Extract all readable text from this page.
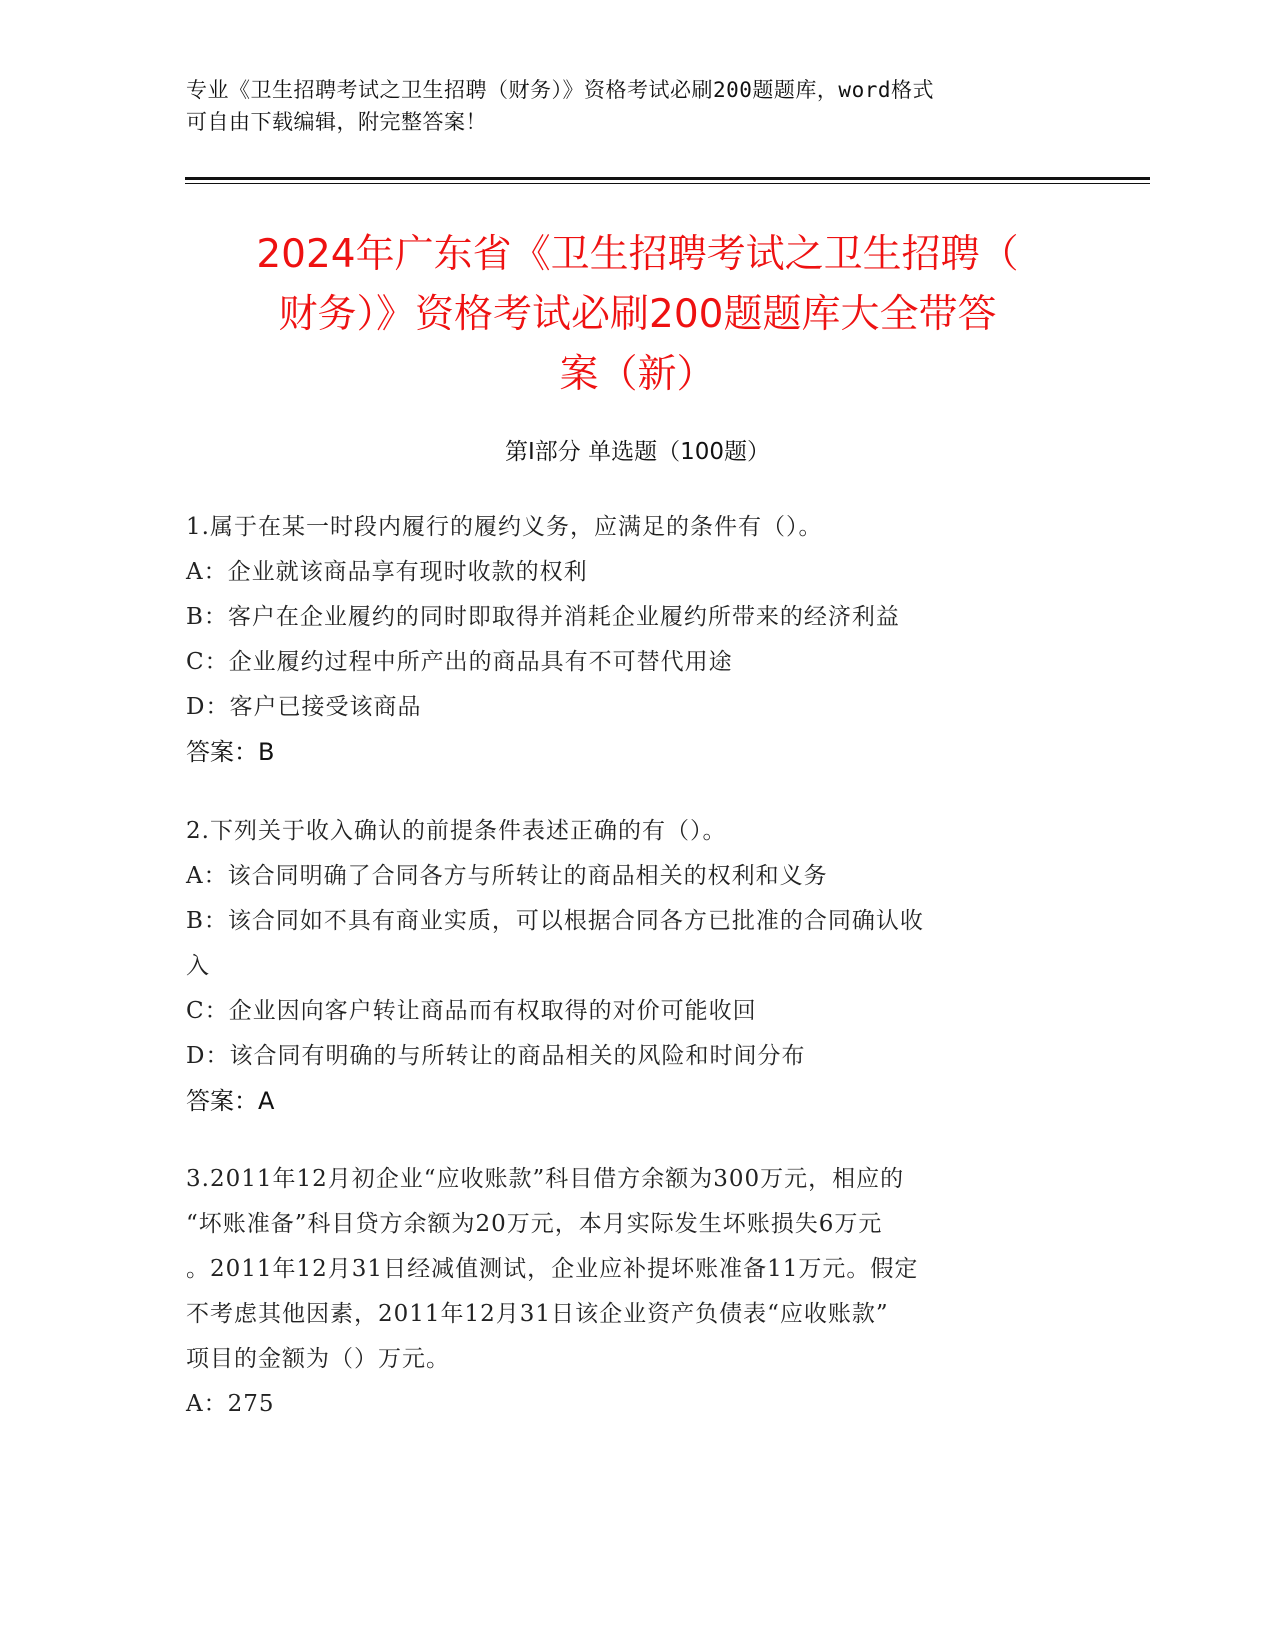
专业《卫生招聘考试之卫生招聘（财务）》资格考试必刷200题题库，word格式
可自由下载编辑，附完整答案！
2024年广东省《卫生招聘考试之卫生招聘（
财务）》资格考试必刷200题题库大全带答
案（新）
第I部分 单选题（100题）
1.属于在某一时段内履行的履约义务，应满足的条件有（）。
A：企业就该商品享有现时收款的权利
B：客户在企业履约的同时即取得并消耗企业履约所带来的经济利益
C：企业履约过程中所产出的商品具有不可替代用途
D：客户已接受该商品
答案：B
2.下列关于收入确认的前提条件表述正确的有（）。
A：该合同明确了合同各方与所转让的商品相关的权利和义务
B：该合同如不具有商业实质，可以根据合同各方已批准的合同确认收
入
C：企业因向客户转让商品而有权取得的对价可能收回
D：该合同有明确的与所转让的商品相关的风险和时间分布
答案：A
3.2011年12月初企业“应收账款”科目借方余额为300万元，相应的
“坏账准备”科目贷方余额为20万元，本月实际发生坏账损失6万元
。2011年12月31日经减值测试，企业应补提坏账准备11万元。假定
不考虑其他因素，2011年12月31日该企业资产负债表“应收账款”
项目的金额为（）万元。
A：275
